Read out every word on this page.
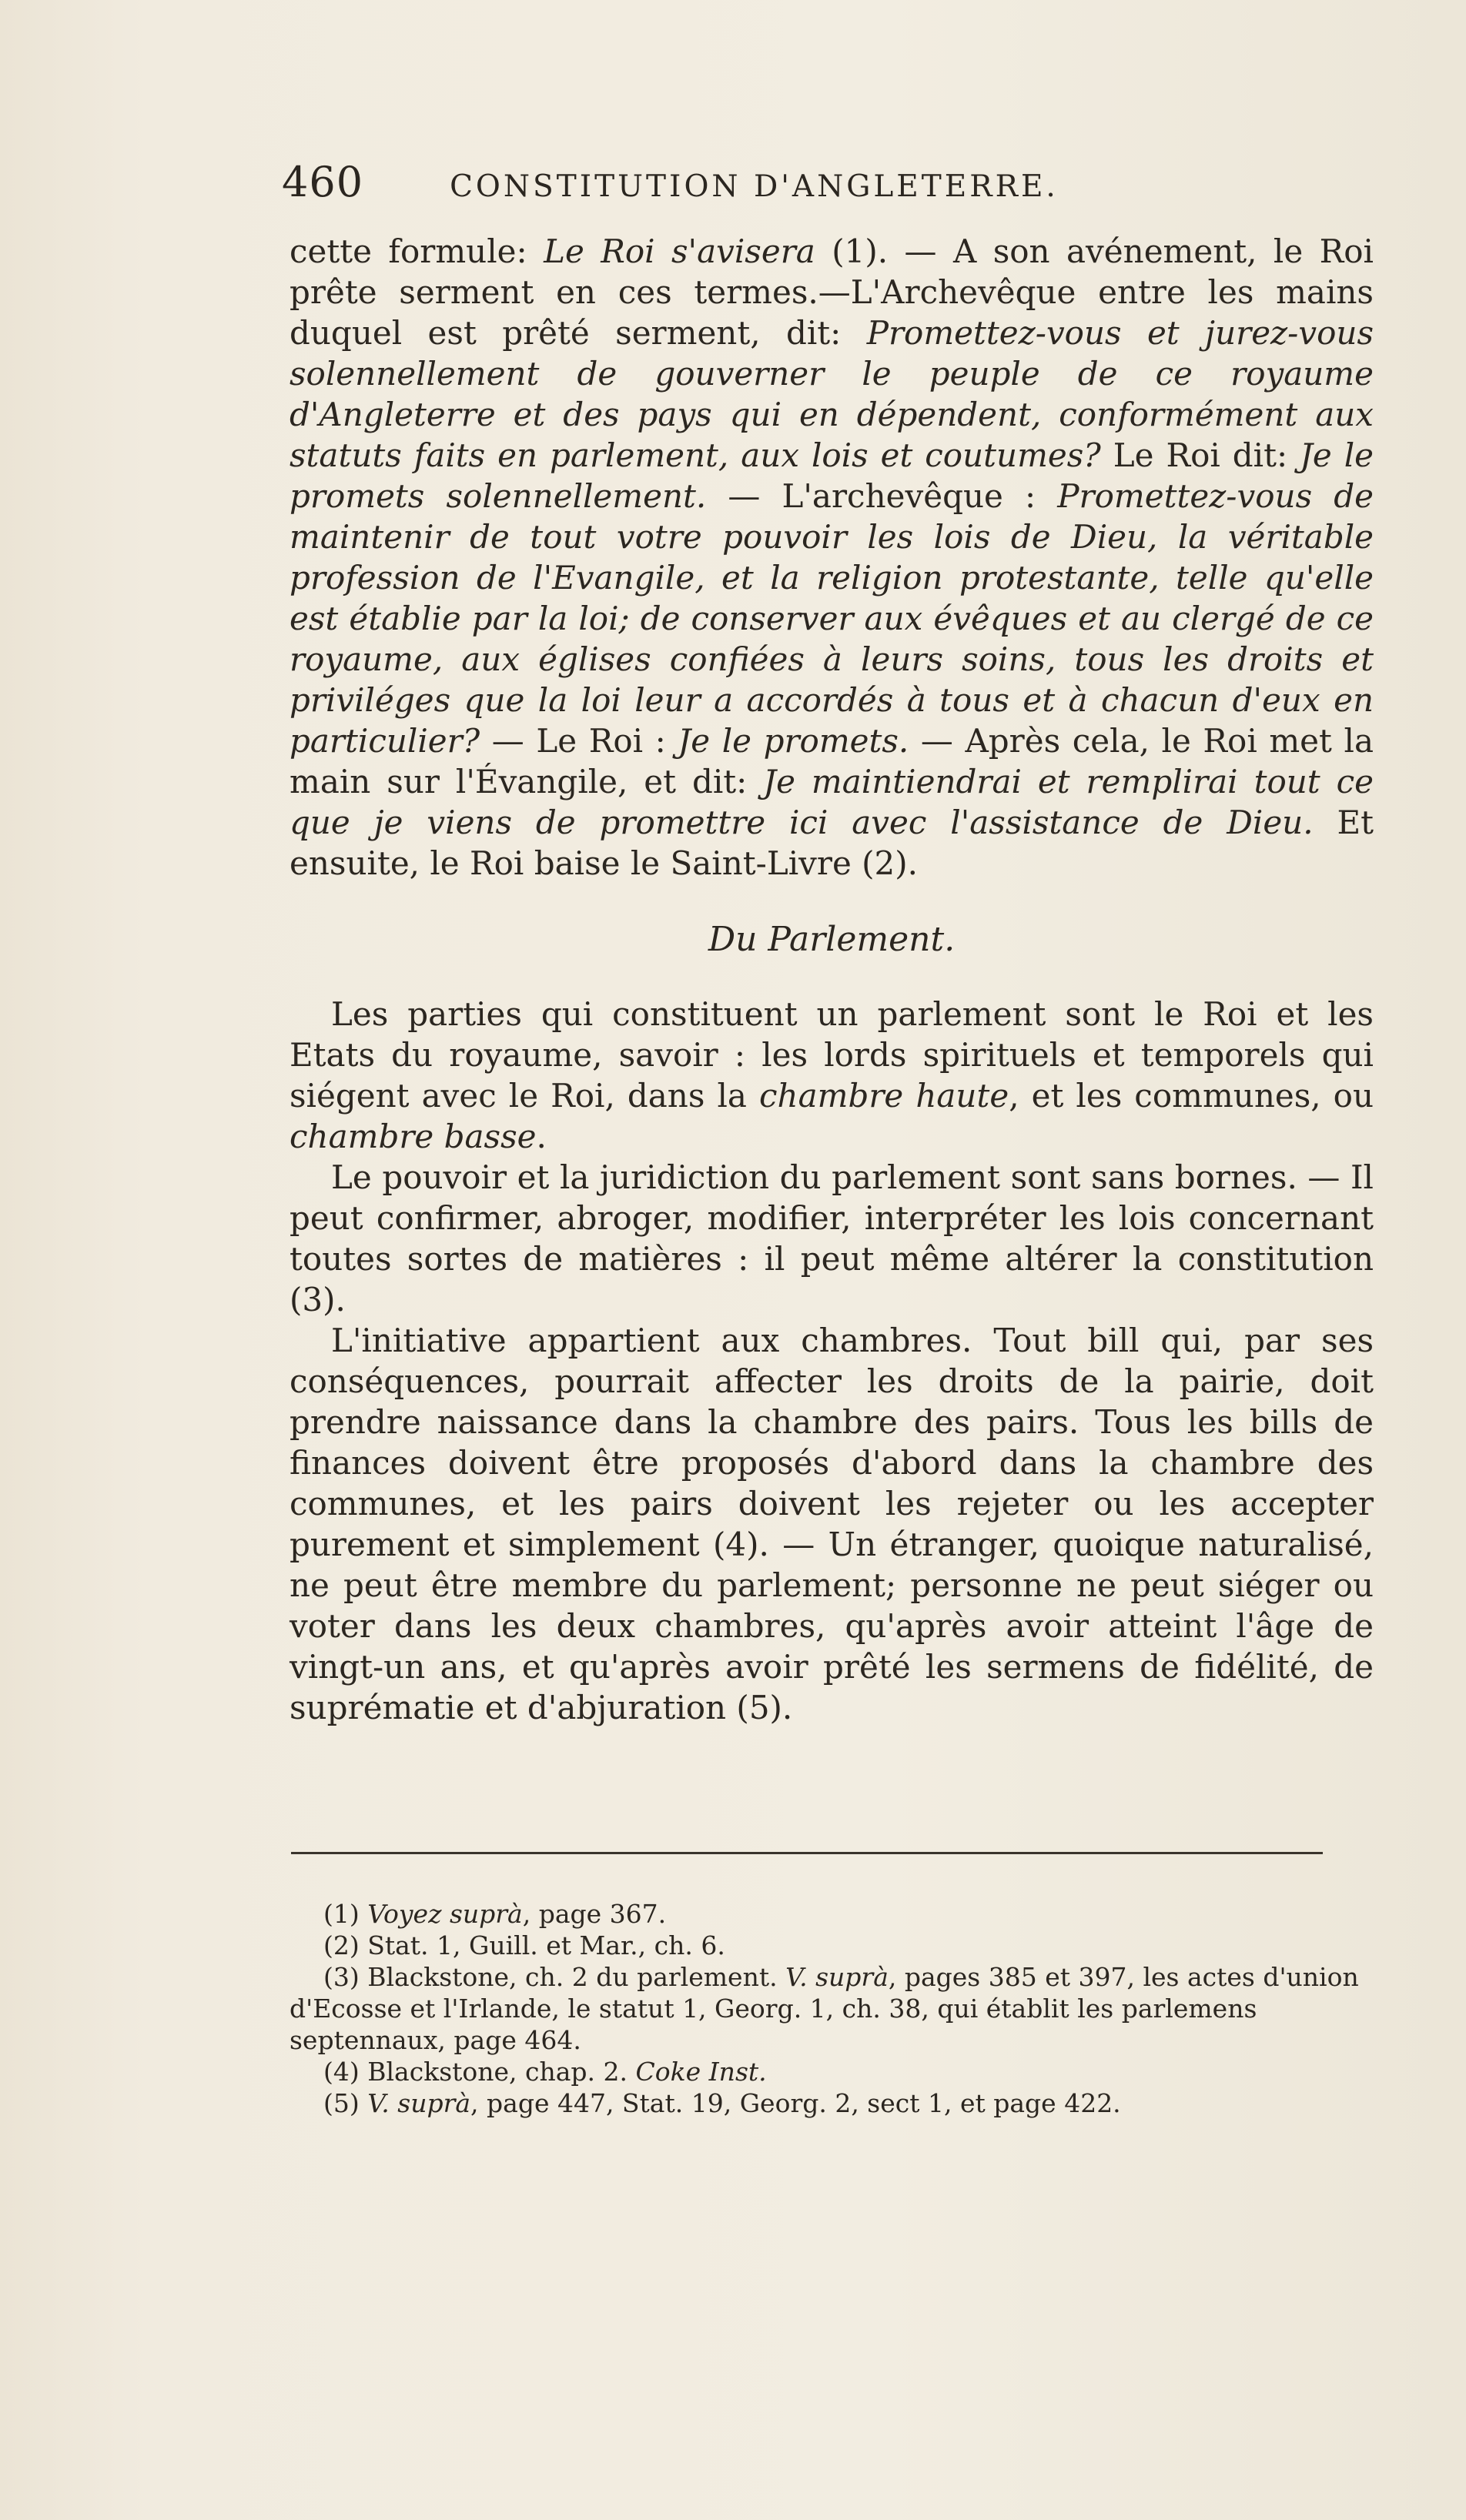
460	CONSTITUTION D'ANGLETERRE.

cette formule: Le Roi s'avisera (1). — A son avénement, le Roi prête serment en ces termes.—L'Archevêque entre les mains duquel est prêté serment, dit: Promettez-vous et jurez-vous solennellement de gouverner le peuple de ce royaume d'Angleterre et des pays qui en dépendent, conformément aux statuts faits en parlement, aux lois et coutumes? Le Roi dit: Je le promets solennellement. — L'archevêque : Promettez-vous de maintenir de tout votre pouvoir les lois de Dieu, la véritable profession de l'Evangile, et la religion protestante, telle qu'elle est établie par la loi; de conserver aux évêques et au clergé de ce royaume, aux églises confiées à leurs soins, tous les droits et priviléges que la loi leur a accordés à tous et à chacun d'eux en particulier? — Le Roi : Je le promets. — Après cela, le Roi met la main sur l'Évangile, et dit: Je maintiendrai et remplirai tout ce que je viens de promettre ici avec l'assistance de Dieu. Et ensuite, le Roi baise le Saint-Livre (2).

Du Parlement.

Les parties qui constituent un parlement sont le Roi et les Etats du royaume, savoir : les lords spirituels et temporels qui siégent avec le Roi, dans la chambre haute, et les communes, ou chambre basse.

Le pouvoir et la juridiction du parlement sont sans bornes. — Il peut confirmer, abroger, modifier, interpréter les lois concernant toutes sortes de matières : il peut même altérer la constitution (3).

L'initiative appartient aux chambres. Tout bill qui, par ses conséquences, pourrait affecter les droits de la pairie, doit prendre naissance dans la chambre des pairs. Tous les bills de finances doivent être proposés d'abord dans la chambre des communes, et les pairs doivent les rejeter ou les accepter purement et simplement (4). — Un étranger, quoique naturalisé, ne peut être membre du parlement; personne ne peut siéger ou voter dans les deux chambres, qu'après avoir atteint l'âge de vingt-un ans, et qu'après avoir prêté les sermens de fidélité, de suprématie et d'abjuration (5).

(1) Voyez suprà, page 367.

(2) Stat. 1, Guill. et Mar., ch. 6.

(3) Blackstone, ch. 2 du parlement. V. suprà, pages 385 et 397, les actes d'union d'Ecosse et l'Irlande, le statut 1, Georg. 1, ch. 38, qui établit les parlemens septennaux, page 464.

(4) Blackstone, chap. 2. Coke Inst.

(5) V. suprà, page 447, Stat. 19, Georg. 2, sect 1, et page 422.
